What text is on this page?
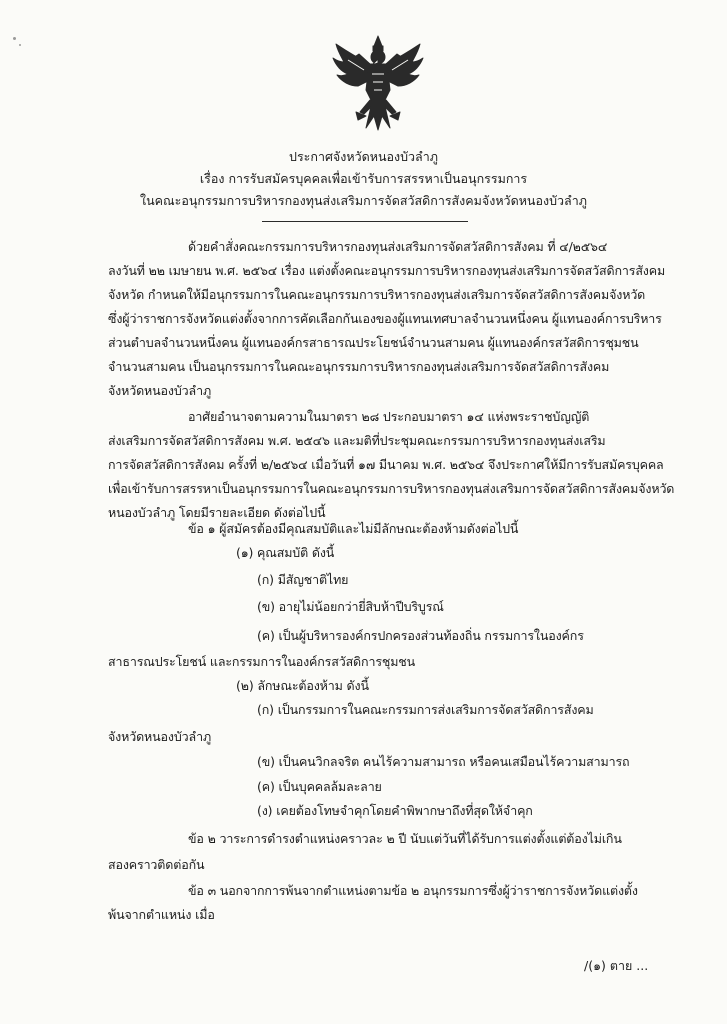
ประกาศจังหวัดหนองบัวลำภู
เรื่อง การรับสมัครบุคคลเพื่อเข้ารับการสรรหาเป็นอนุกรรมการ
ในคณะอนุกรรมการบริหารกองทุนส่งเสริมการจัดสวัสดิการสังคมจังหวัดหนองบัวลำภู
ด้วยคำสั่งคณะกรรมการบริหารกองทุนส่งเสริมการจัดสวัสดิการสังคม ที่ ๔/๒๕๖๔
ลงวันที่ ๒๒ เมษายน พ.ศ. ๒๕๖๔ เรื่อง แต่งตั้งคณะอนุกรรมการบริหารกองทุนส่งเสริมการจัดสวัสดิการสังคม
จังหวัด กำหนดให้มีอนุกรรมการในคณะอนุกรรมการบริหารกองทุนส่งเสริมการจัดสวัสดิการสังคมจังหวัด
ซึ่งผู้ว่าราชการจังหวัดแต่งตั้งจากการคัดเลือกกันเองของผู้แทนเทศบาลจำนวนหนึ่งคน ผู้แทนองค์การบริหาร
ส่วนตำบลจำนวนหนึ่งคน ผู้แทนองค์กรสาธารณประโยชน์จำนวนสามคน ผู้แทนองค์กรสวัสดิการชุมชน
จำนวนสามคน เป็นอนุกรรมการในคณะอนุกรรมการบริหารกองทุนส่งเสริมการจัดสวัสดิการสังคม
จังหวัดหนองบัวลำภู
อาศัยอำนาจตามความในมาตรา ๒๘ ประกอบมาตรา ๑๔ แห่งพระราชบัญญัติ
ส่งเสริมการจัดสวัสดิการสังคม พ.ศ. ๒๕๔๖ และมติที่ประชุมคณะกรรมการบริหารกองทุนส่งเสริม
การจัดสวัสดิการสังคม ครั้งที่ ๒/๒๕๖๔ เมื่อวันที่ ๑๗ มีนาคม พ.ศ. ๒๕๖๔ จึงประกาศให้มีการรับสมัครบุคคล
เพื่อเข้ารับการสรรหาเป็นอนุกรรมการในคณะอนุกรรมการบริหารกองทุนส่งเสริมการจัดสวัสดิการสังคมจังหวัด
หนองบัวลำภู โดยมีรายละเอียด ดังต่อไปนี้
ข้อ ๑ ผู้สมัครต้องมีคุณสมบัติและไม่มีลักษณะต้องห้ามดังต่อไปนี้
(๑) คุณสมบัติ ดังนี้
(ก) มีสัญชาติไทย
(ข) อายุไม่น้อยกว่ายี่สิบห้าปีบริบูรณ์
(ค) เป็นผู้บริหารองค์กรปกครองส่วนท้องถิ่น กรรมการในองค์กร
สาธารณประโยชน์ และกรรมการในองค์กรสวัสดิการชุมชน
(๒) ลักษณะต้องห้าม ดังนี้
(ก) เป็นกรรมการในคณะกรรมการส่งเสริมการจัดสวัสดิการสังคม
จังหวัดหนองบัวลำภู
(ข) เป็นคนวิกลจริต คนไร้ความสามารถ หรือคนเสมือนไร้ความสามารถ
(ค) เป็นบุคคลล้มละลาย
(ง) เคยต้องโทษจำคุกโดยคำพิพากษาถึงที่สุดให้จำคุก
ข้อ ๒ วาระการดำรงตำแหน่งคราวละ ๒ ปี นับแต่วันที่ได้รับการแต่งตั้งแต่ต้องไม่เกิน
สองคราวติดต่อกัน
ข้อ ๓ นอกจากการพ้นจากตำแหน่งตามข้อ ๒ อนุกรรมการซึ่งผู้ว่าราชการจังหวัดแต่งตั้ง
พ้นจากตำแหน่ง เมื่อ
/(๑) ตาย ...
